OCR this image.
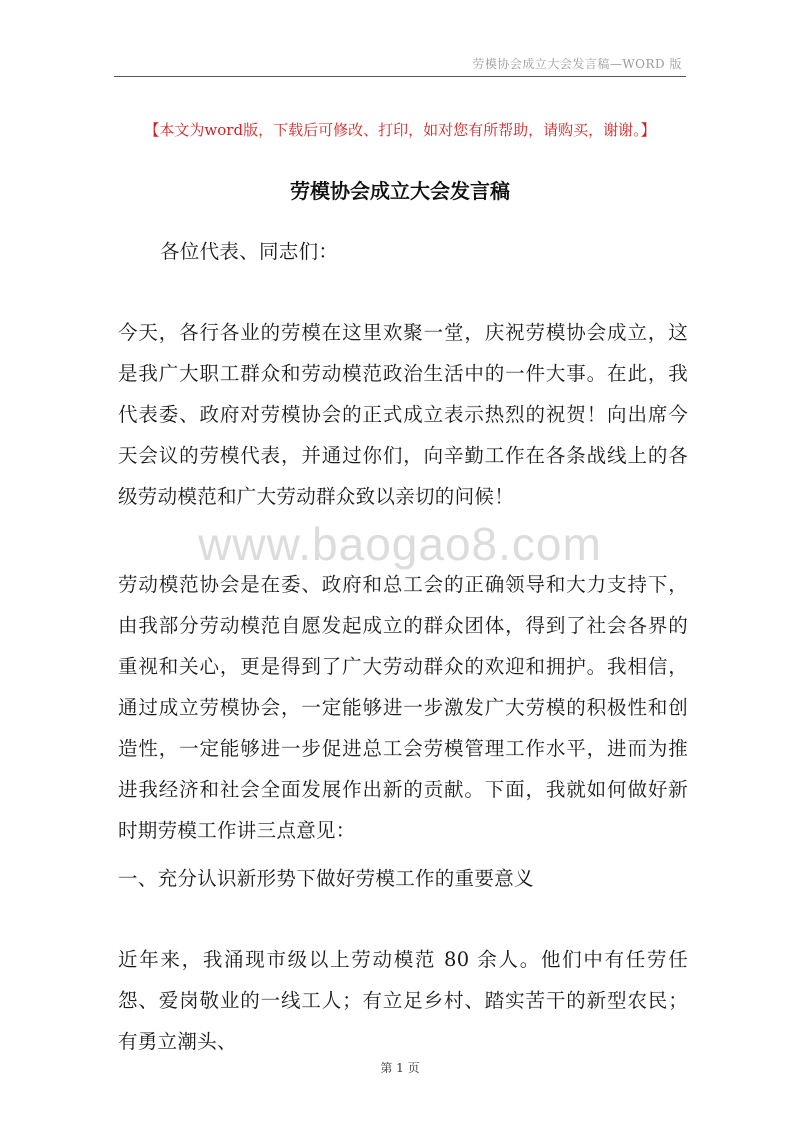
劳模协会成立大会发言稿—WORD 版
【本文为word版，下载后可修改、打印，如对您有所帮助，请购买，谢谢。】
劳模协会成立大会发言稿
各位代表、同志们：
今天，各行各业的劳模在这里欢聚一堂，庆祝劳模协会成立，这是我广大职工群众和劳动模范政治生活中的一件大事。在此，我代表委、政府对劳模协会的正式成立表示热烈的祝贺！向出席今天会议的劳模代表，并通过你们，向辛勤工作在各条战线上的各级劳动模范和广大劳动群众致以亲切的问候！
www.baogao8.com
劳动模范协会是在委、政府和总工会的正确领导和大力支持下，由我部分劳动模范自愿发起成立的群众团体，得到了社会各界的重视和关心，更是得到了广大劳动群众的欢迎和拥护。我相信，通过成立劳模协会，一定能够进一步激发广大劳模的积极性和创造性，一定能够进一步促进总工会劳模管理工作水平，进而为推进我经济和社会全面发展作出新的贡献。下面，我就如何做好新时期劳模工作讲三点意见：
一、充分认识新形势下做好劳模工作的重要意义
近年来，我涌现市级以上劳动模范 80 余人。他们中有任劳任怨、爱岗敬业的一线工人；有立足乡村、踏实苦干的新型农民；有勇立潮头、
第 1 页
